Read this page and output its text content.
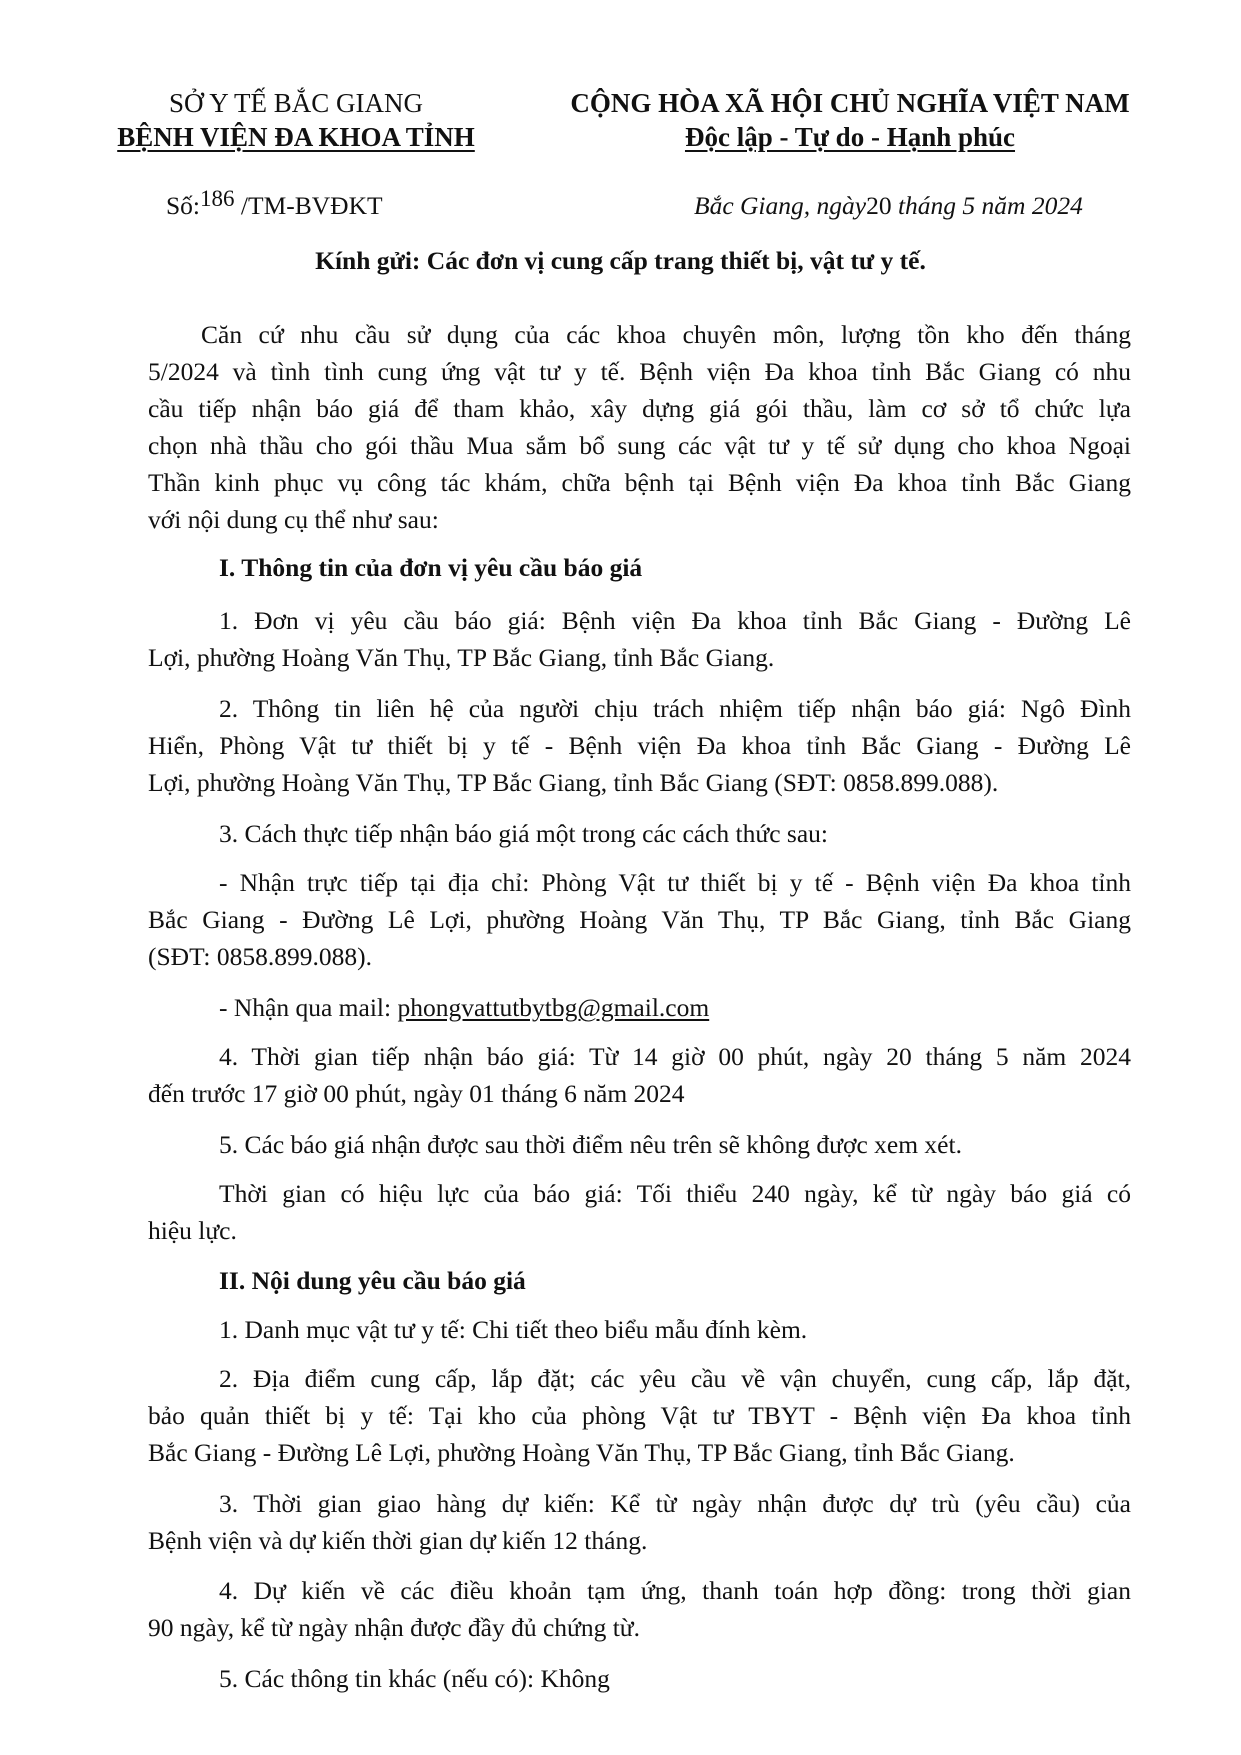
SỞ Y TẾ BẮC GIANG
BỆNH VIỆN ĐA KHOA TỈNH
CỘNG HÒA XÃ HỘI CHỦ NGHĨA VIỆT NAM
Độc lập - Tự do - Hạnh phúc
Số:186 /TM-BVĐKT	Bắc Giang, ngày20 tháng 5 năm 2024
Kính gửi: Các đơn vị cung cấp trang thiết bị, vật tư y tế.
Căn cứ nhu cầu sử dụng của các khoa chuyên môn, lượng tồn kho đến tháng
5/2024 và tình tình cung ứng vật tư y tế. Bệnh viện Đa khoa tỉnh Bắc Giang có nhu
cầu tiếp nhận báo giá để tham khảo, xây dựng giá gói thầu, làm cơ sở tổ chức lựa
chọn nhà thầu cho gói thầu Mua sắm bổ sung các vật tư y tế sử dụng cho khoa Ngoại
Thần kinh phục vụ công tác khám, chữa bệnh tại Bệnh viện Đa khoa tỉnh Bắc Giang
với nội dung cụ thể như sau:
I. Thông tin của đơn vị yêu cầu báo giá
1. Đơn vị yêu cầu báo giá: Bệnh viện Đa khoa tỉnh Bắc Giang - Đường Lê
Lợi, phường Hoàng Văn Thụ, TP Bắc Giang, tỉnh Bắc Giang.
2. Thông tin liên hệ của người chịu trách nhiệm tiếp nhận báo giá: Ngô Đình
Hiển, Phòng Vật tư thiết bị y tế - Bệnh viện Đa khoa tỉnh Bắc Giang - Đường Lê
Lợi, phường Hoàng Văn Thụ, TP Bắc Giang, tỉnh Bắc Giang (SĐT: 0858.899.088).
3. Cách thực tiếp nhận báo giá một trong các cách thức sau:
- Nhận trực tiếp tại địa chỉ: Phòng Vật tư thiết bị y tế - Bệnh viện Đa khoa tỉnh
Bắc Giang - Đường Lê Lợi, phường Hoàng Văn Thụ, TP Bắc Giang, tỉnh Bắc Giang
(SĐT: 0858.899.088).
- Nhận qua mail: phongvattutbytbg@gmail.com
4. Thời gian tiếp nhận báo giá: Từ 14 giờ 00 phút, ngày 20 tháng 5 năm 2024
đến trước 17 giờ 00 phút, ngày 01 tháng 6 năm 2024
5. Các báo giá nhận được sau thời điểm nêu trên sẽ không được xem xét.
Thời gian có hiệu lực của báo giá: Tối thiểu 240 ngày, kể từ ngày báo giá có
hiệu lực.
II. Nội dung yêu cầu báo giá
1. Danh mục vật tư y tế: Chi tiết theo biểu mẫu đính kèm.
2. Địa điểm cung cấp, lắp đặt; các yêu cầu về vận chuyển, cung cấp, lắp đặt,
bảo quản thiết bị y tế: Tại kho của phòng Vật tư TBYT - Bệnh viện Đa khoa tỉnh
Bắc Giang - Đường Lê Lợi, phường Hoàng Văn Thụ, TP Bắc Giang, tỉnh Bắc Giang.
3. Thời gian giao hàng dự kiến: Kể từ ngày nhận được dự trù (yêu cầu) của
Bệnh viện và dự kiến thời gian dự kiến 12 tháng.
4. Dự kiến về các điều khoản tạm ứng, thanh toán hợp đồng: trong thời gian
90 ngày, kể từ ngày nhận được đầy đủ chứng từ.
5. Các thông tin khác (nếu có): Không
